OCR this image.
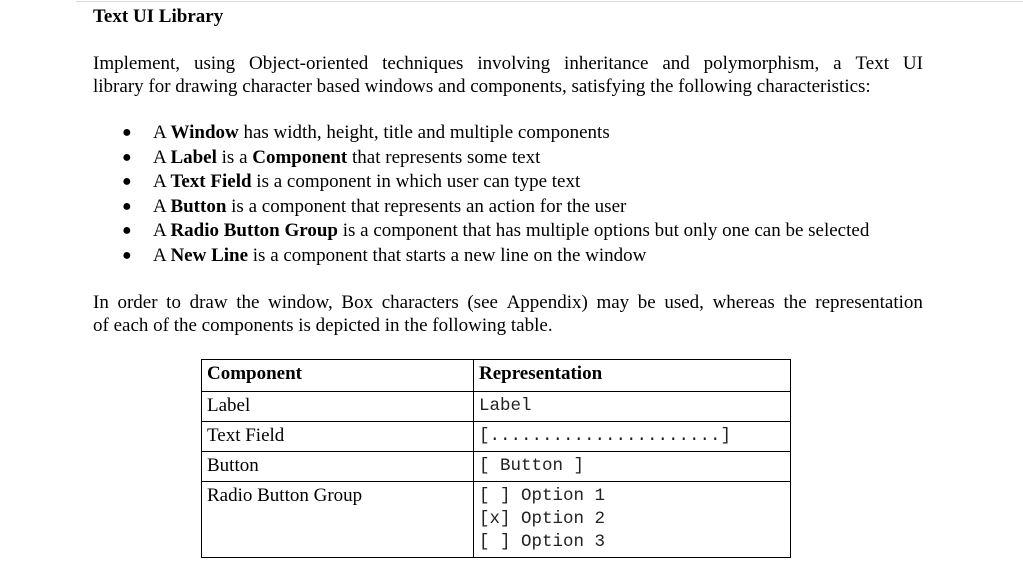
Text UI Library
Implement, using Object-oriented techniques involving inheritance and polymorphism, a Text UI
library for drawing character based windows and components, satisfying the following characteristics:
● A Window has width, height, title and multiple components
● A Label is a Component that represents some text
● A Text Field is a component in which user can type text
● A Button is a component that represents an action for the user
● A Radio Button Group is a component that has multiple options but only one can be selected
● A New Line is a component that starts a new line on the window
In order to draw the window, Box characters (see Appendix) may be used, whereas the representation
of each of the components is depicted in the following table.
Component	Representation
Label	Label

Text Field	[......................]

Button	[ Button ]

Radio Button Group	[ ] Option 1
[x] Option 2
[ ] Option 3
